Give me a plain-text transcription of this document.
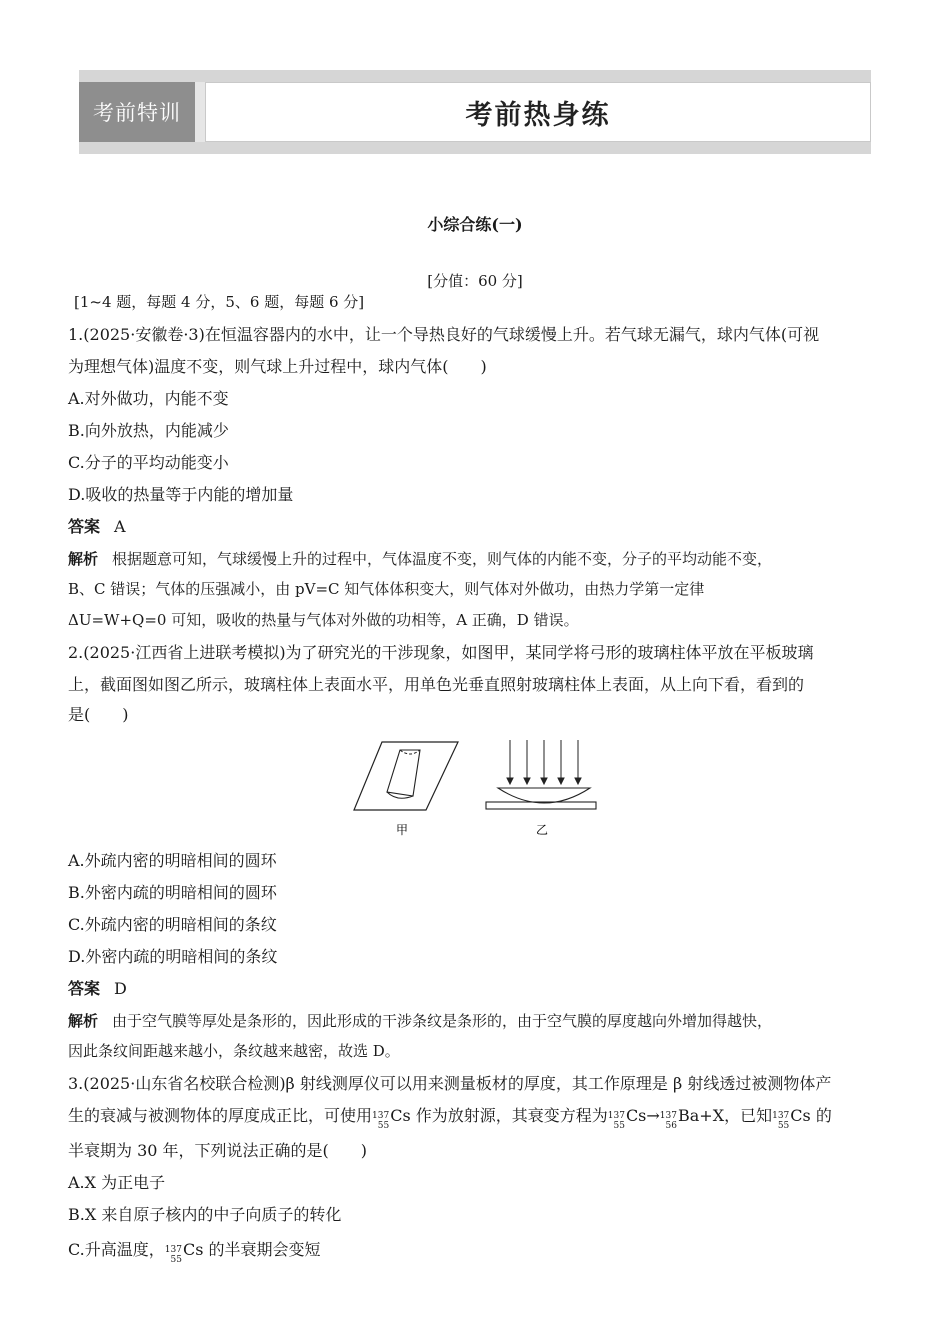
考前特训	考前热身练
小综合练(一)
[分值：60 分]
[1~4 题，每题 4 分，5、6 题，每题 6 分]
1.(2025·安徽卷·3)在恒温容器内的水中，让一个导热良好的气球缓慢上升。若气球无漏气，球内气体(可视
为理想气体)温度不变，则气球上升过程中，球内气体(　　)
A.对外做功，内能不变
B.向外放热，内能减少
C.分子的平均动能变小
D.吸收的热量等于内能的增加量
答案 A
解析 根据题意可知，气球缓慢上升的过程中，气体温度不变，则气体的内能不变，分子的平均动能不变，
B、C 错误；气体的压强减小，由 pV=C 知气体体积变大，则气体对外做功，由热力学第一定律
ΔU=W+Q=0 可知，吸收的热量与气体对外做的功相等，A 正确，D 错误。
2.(2025·江西省上进联考模拟)为了研究光的干涉现象，如图甲，某同学将弓形的玻璃柱体平放在平板玻璃
上，截面图如图乙所示，玻璃柱体上表面水平，用单色光垂直照射玻璃柱体上表面，从上向下看，看到的
是(　　)
甲	乙
A.外疏内密的明暗相间的圆环
B.外密内疏的明暗相间的圆环
C.外疏内密的明暗相间的条纹
D.外密内疏的明暗相间的条纹
答案 D
解析 由于空气膜等厚处是条形的，因此形成的干涉条纹是条形的，由于空气膜的厚度越向外增加得越快，
因此条纹间距越来越小，条纹越来越密，故选 D。
3.(2025·山东省名校联合检测)β 射线测厚仪可以用来测量板材的厚度，其工作原理是 β 射线透过被测物体产
生的衰减与被测物体的厚度成正比，可使用 137
55
Cs 作为放射源，其衰变方程为 137
55
Cs→ 137
56
Ba+X，已知 137
55
Cs 的
半衰期为 30 年，下列说法正确的是(　　)
A.X 为正电子
B.X 来自原子核内的中子向质子的转化
C.升高温度， 137
55
Cs 的半衰期会变短
